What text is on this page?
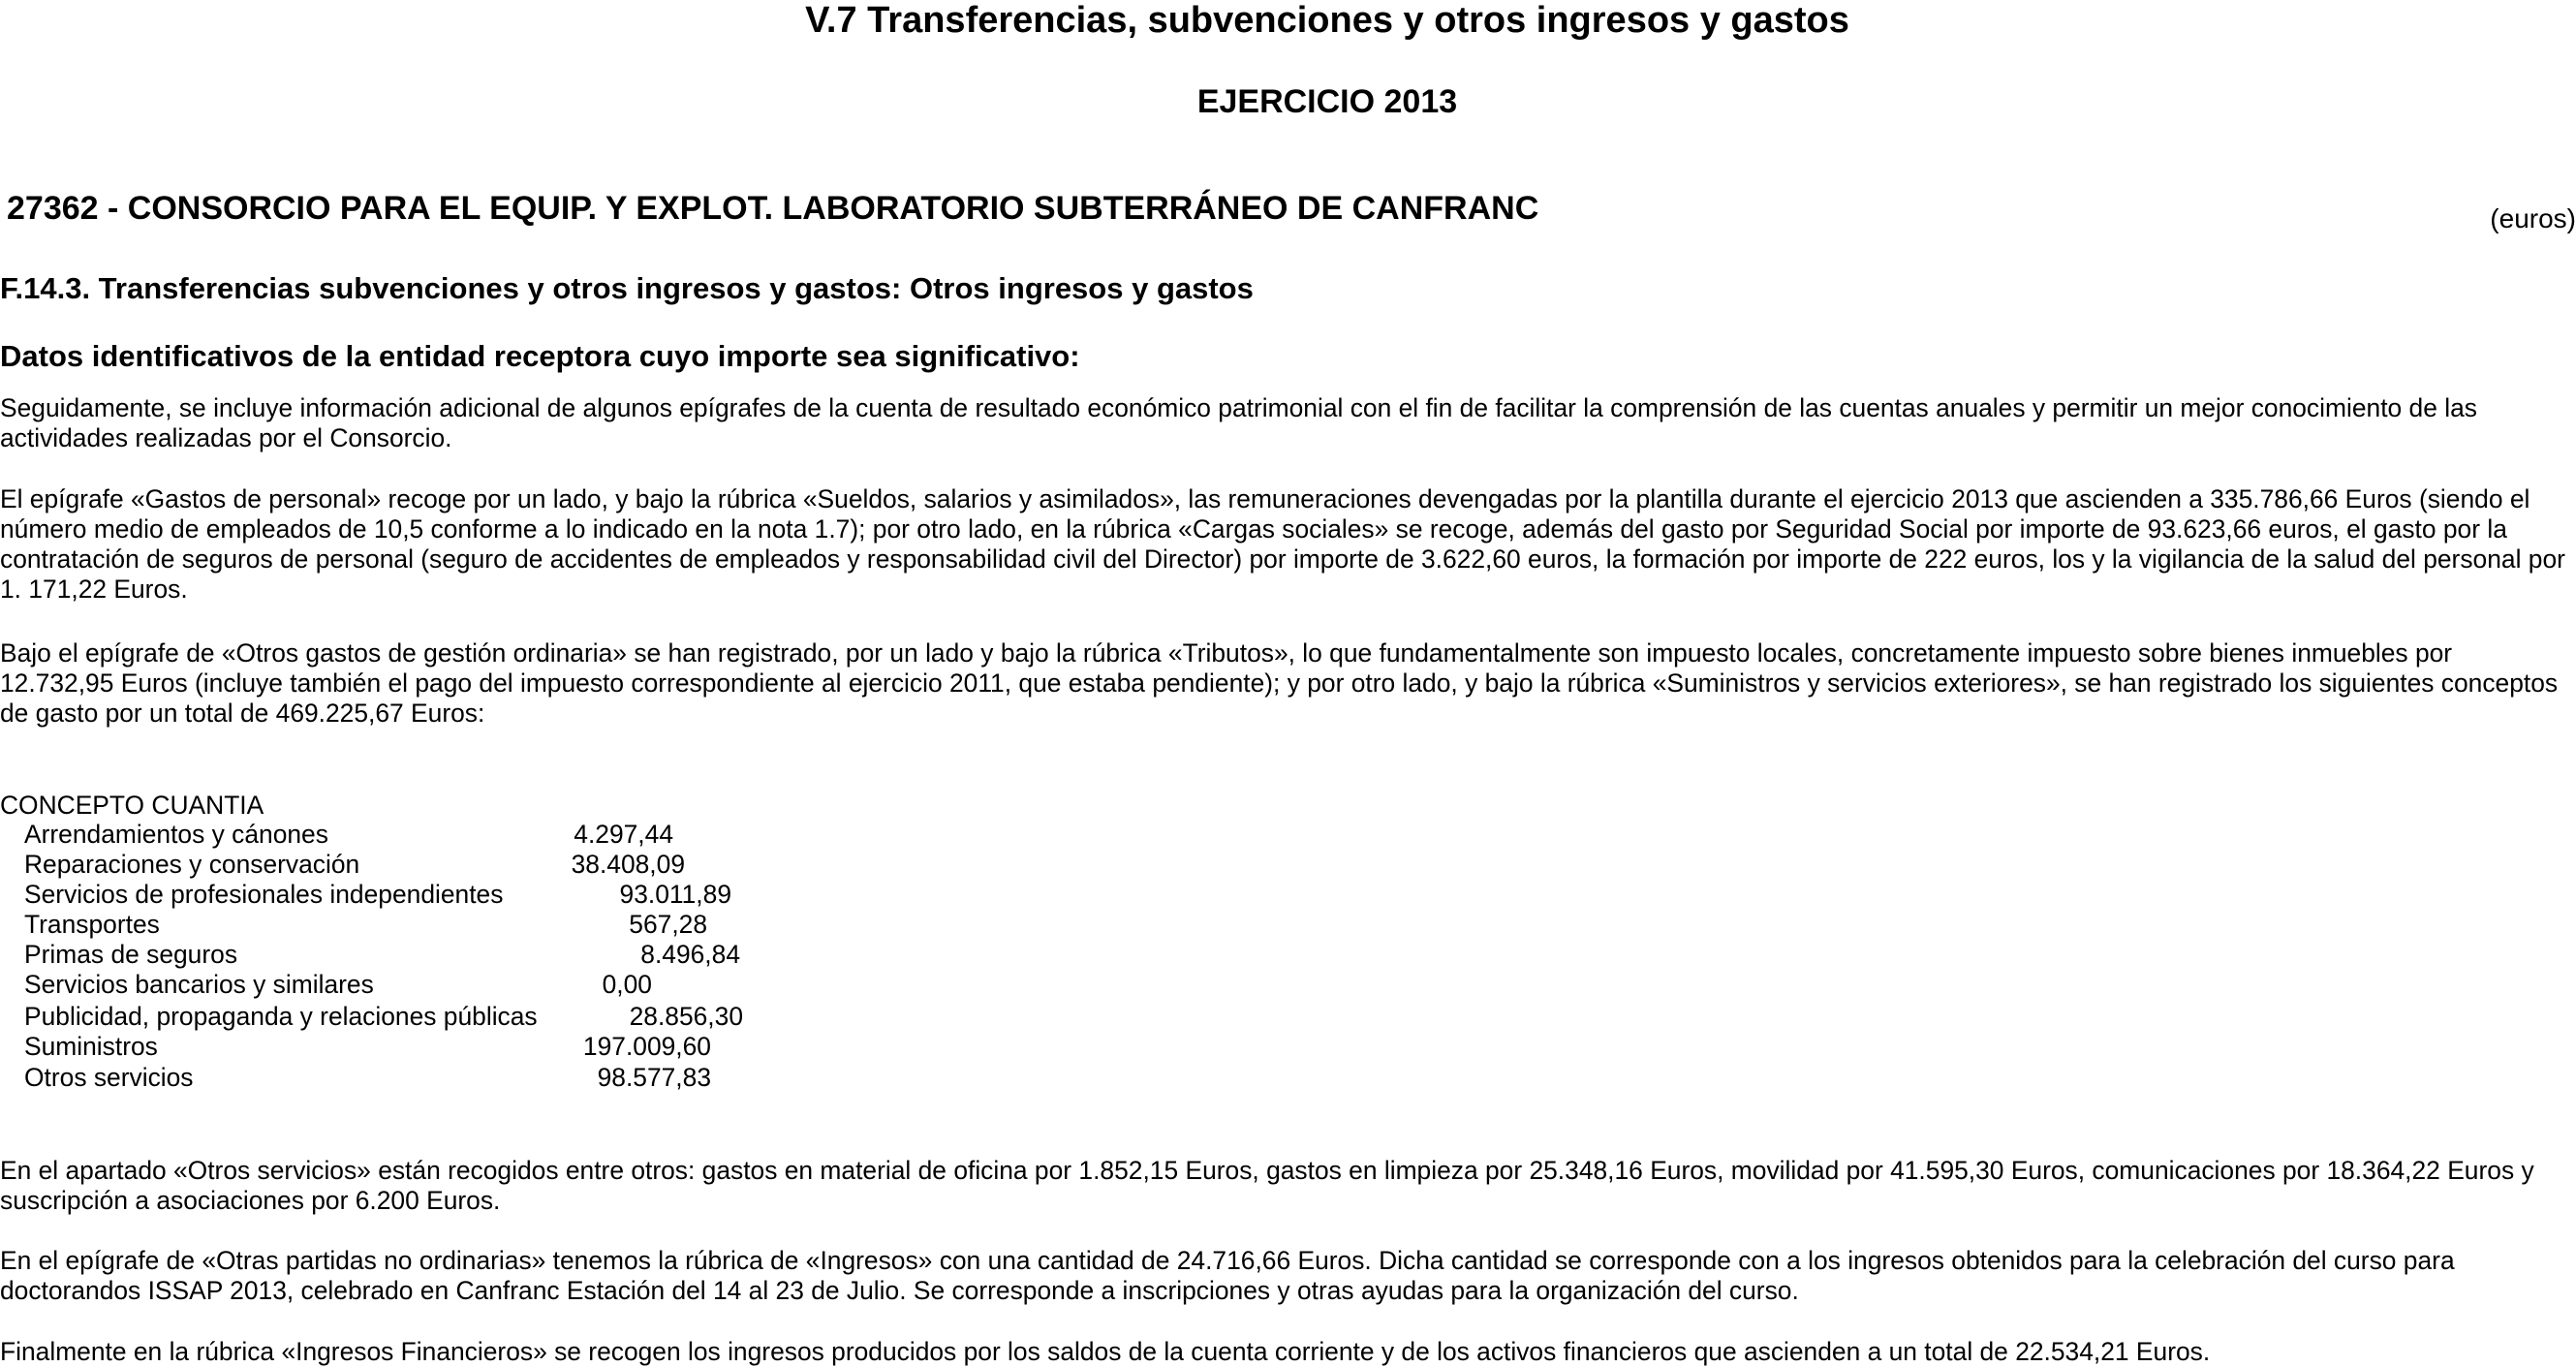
V.7 Transferencias, subvenciones y otros ingresos y gastos
EJERCICIO 2013
27362 - CONSORCIO PARA EL EQUIP. Y EXPLOT. LABORATORIO SUBTERRÁNEO DE CANFRANC	(euros)
F.14.3. Transferencias subvenciones y otros ingresos y gastos: Otros ingresos y gastos
Datos identificativos de la entidad receptora cuyo importe sea significativo:
Seguidamente, se incluye información adicional de algunos epígrafes de la cuenta de resultado económico patrimonial con el fin de facilitar la comprensión de las cuentas anuales y permitir un mejor conocimiento de las actividades realizadas por el Consorcio.
El epígrafe «Gastos de personal» recoge por un lado, y bajo la rúbrica «Sueldos, salarios y asimilados», las remuneraciones devengadas por la plantilla durante el ejercicio 2013 que ascienden a 335.786,66 Euros (siendo el número medio de empleados de 10,5 conforme a lo indicado en la nota 1.7); por otro lado, en la rúbrica «Cargas sociales» se recoge, además del gasto por Seguridad Social por importe de 93.623,66 euros, el gasto por la contratación de seguros de personal (seguro de accidentes de empleados y responsabilidad civil del Director) por importe de 3.622,60 euros, la formación por importe de 222 euros, los y la vigilancia de la salud del personal por 1. 171,22 Euros.
Bajo el epígrafe de «Otros gastos de gestión ordinaria» se han registrado, por un lado y bajo la rúbrica «Tributos», lo que fundamentalmente son impuesto locales, concretamente impuesto sobre bienes inmuebles por 12.732,95 Euros (incluye también el pago del impuesto correspondiente al ejercicio 2011, que estaba pendiente); y por otro lado, y bajo la rúbrica «Suministros y servicios exteriores», se han registrado los siguientes conceptos de gasto por un total de 469.225,67 Euros:
CONCEPTO CUANTIA
Arrendamientos y cánones	4.297,44
Reparaciones y conservación	38.408,09
Servicios de profesionales independientes	93.011,89
Transportes	567,28
Primas de seguros	8.496,84
Servicios bancarios y similares	0,00
Publicidad, propaganda y relaciones públicas	28.856,30
Suministros	197.009,60
Otros servicios	98.577,83
En el apartado «Otros servicios» están recogidos entre otros: gastos en material de oficina por 1.852,15 Euros, gastos en limpieza por 25.348,16 Euros, movilidad por 41.595,30 Euros, comunicaciones por 18.364,22 Euros y suscripción a asociaciones por 6.200 Euros.
En el epígrafe de «Otras partidas no ordinarias» tenemos la rúbrica de «Ingresos» con una cantidad de 24.716,66 Euros. Dicha cantidad se corresponde con a los ingresos obtenidos para la celebración del curso para doctorandos ISSAP 2013, celebrado en Canfranc Estación del 14 al 23 de Julio. Se corresponde a inscripciones y otras ayudas para la organización del curso.
Finalmente en la rúbrica «Ingresos Financieros» se recogen los ingresos producidos por los saldos de la cuenta corriente y de los activos financieros que ascienden a un total de 22.534,21 Euros.
